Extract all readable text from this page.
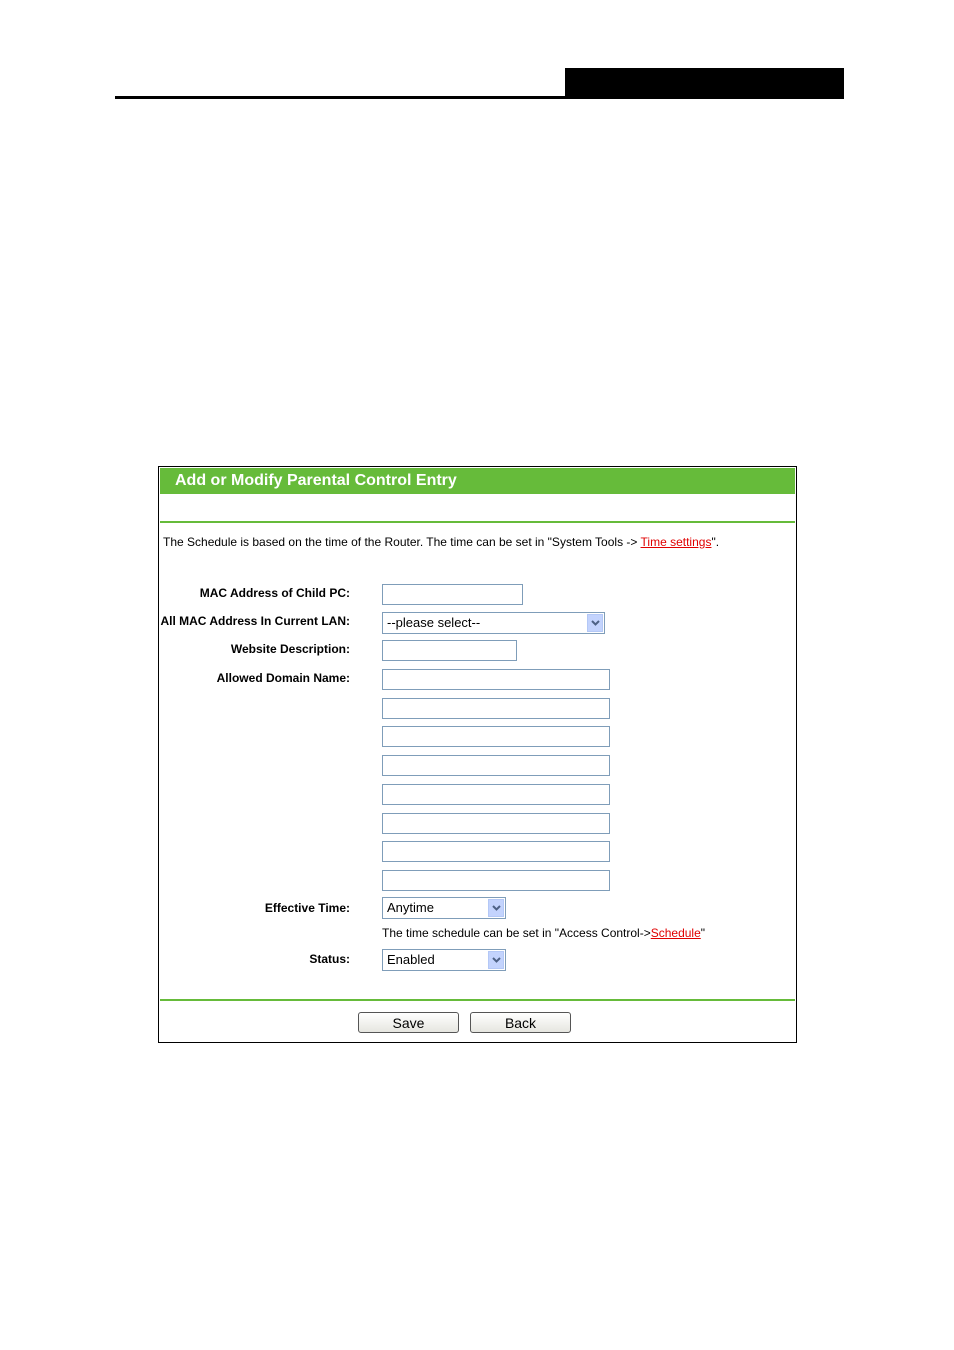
Add or Modify Parental Control Entry
The Schedule is based on the time of the Router. The time can be set in "System Tools -> Time settings".
MAC Address of Child PC:
All MAC Address In Current LAN:	--please select--
Website Description:
Allowed Domain Name:
Effective Time:	Anytime
The time schedule can be set in "Access Control->Schedule"
Status:	Enabled
Save	Back
